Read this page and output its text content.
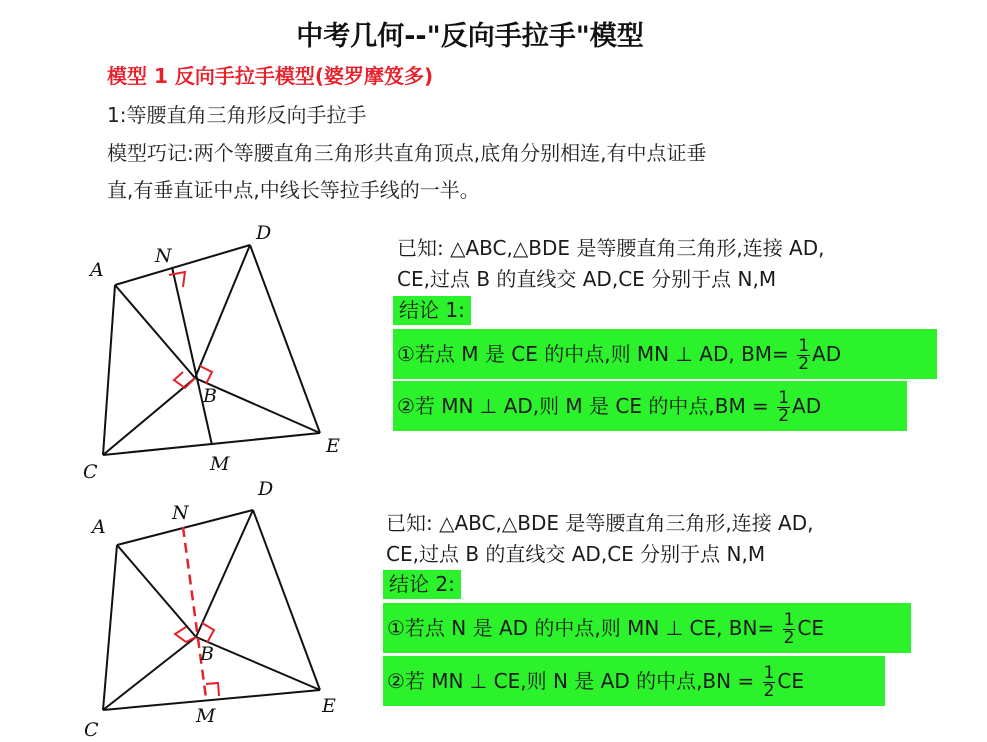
中考几何--"反向手拉手"模型
模型 1 反向手拉手模型(婆罗摩笈多)
1:等腰直角三角形反向手拉手
模型巧记:两个等腰直角三角形共直角顶点,底角分别相连,有中点证垂
直,有垂直证中点,中线长等拉手线的一半。
A
N
D
B
E
M
C
已知: △ABC,△BDE 是等腰直角三角形,连接 AD,
CE,过点 B 的直线交 AD,CE 分别于点 N,M
结论 1:
①若点 M 是 CE 的中点,则 MN ⊥ AD, $BM= \frac{1}{2}$ AD
②若 MN ⊥ AD,则 M 是 CE 的中点$,BM = \frac{1}{2}$ AD
A
N
D
B
E
M
C
已知: △ABC,△BDE 是等腰直角三角形,连接 AD,
CE,过点 B 的直线交 AD,CE 分别于点 N,M
结论 2:
①若点 N 是 AD 的中点,则 MN ⊥ CE, $BN= \frac{1}{2}$ CE
②若 MN ⊥ CE,则 N 是 AD 的中点$,BN = \frac{1}{2}$ CE
